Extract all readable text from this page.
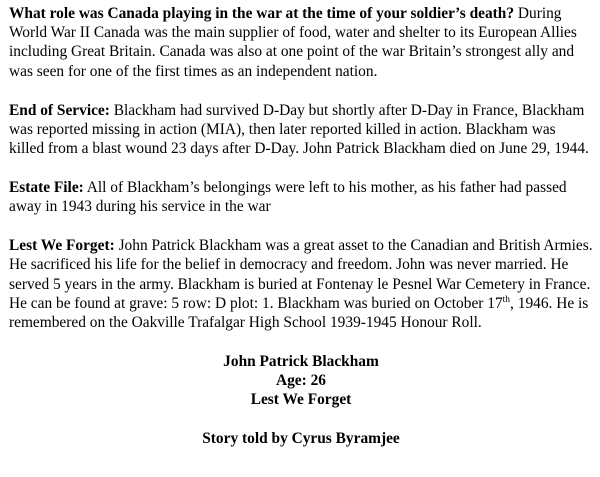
What role was Canada playing in the war at the time of your soldier’s death? During World War II Canada was the main supplier of food, water and shelter to its European Allies including Great Britain. Canada was also at one point of the war Britain’s strongest ally and was seen for one of the first times as an independent nation.

End of Service: Blackham had survived D-Day but shortly after D-Day in France, Blackham was reported missing in action (MIA), then later reported killed in action. Blackham was killed from a blast wound 23 days after D-Day. John Patrick Blackham died on June 29, 1944.

Estate File: All of Blackham’s belongings were left to his mother, as his father had passed away in 1943 during his service in the war

Lest We Forget: John Patrick Blackham was a great asset to the Canadian and British Armies. He sacrificed his life for the belief in democracy and freedom. John was never married. He served 5 years in the army. Blackham is buried at Fontenay le Pesnel War Cemetery in France. He can be found at grave: 5 row: D plot: 1. Blackham was buried on October 17th, 1946. He is remembered on the Oakville Trafalgar High School 1939-1945 Honour Roll.

John Patrick Blackham
Age: 26
Lest We Forget
Story told by Cyrus Byramjee
